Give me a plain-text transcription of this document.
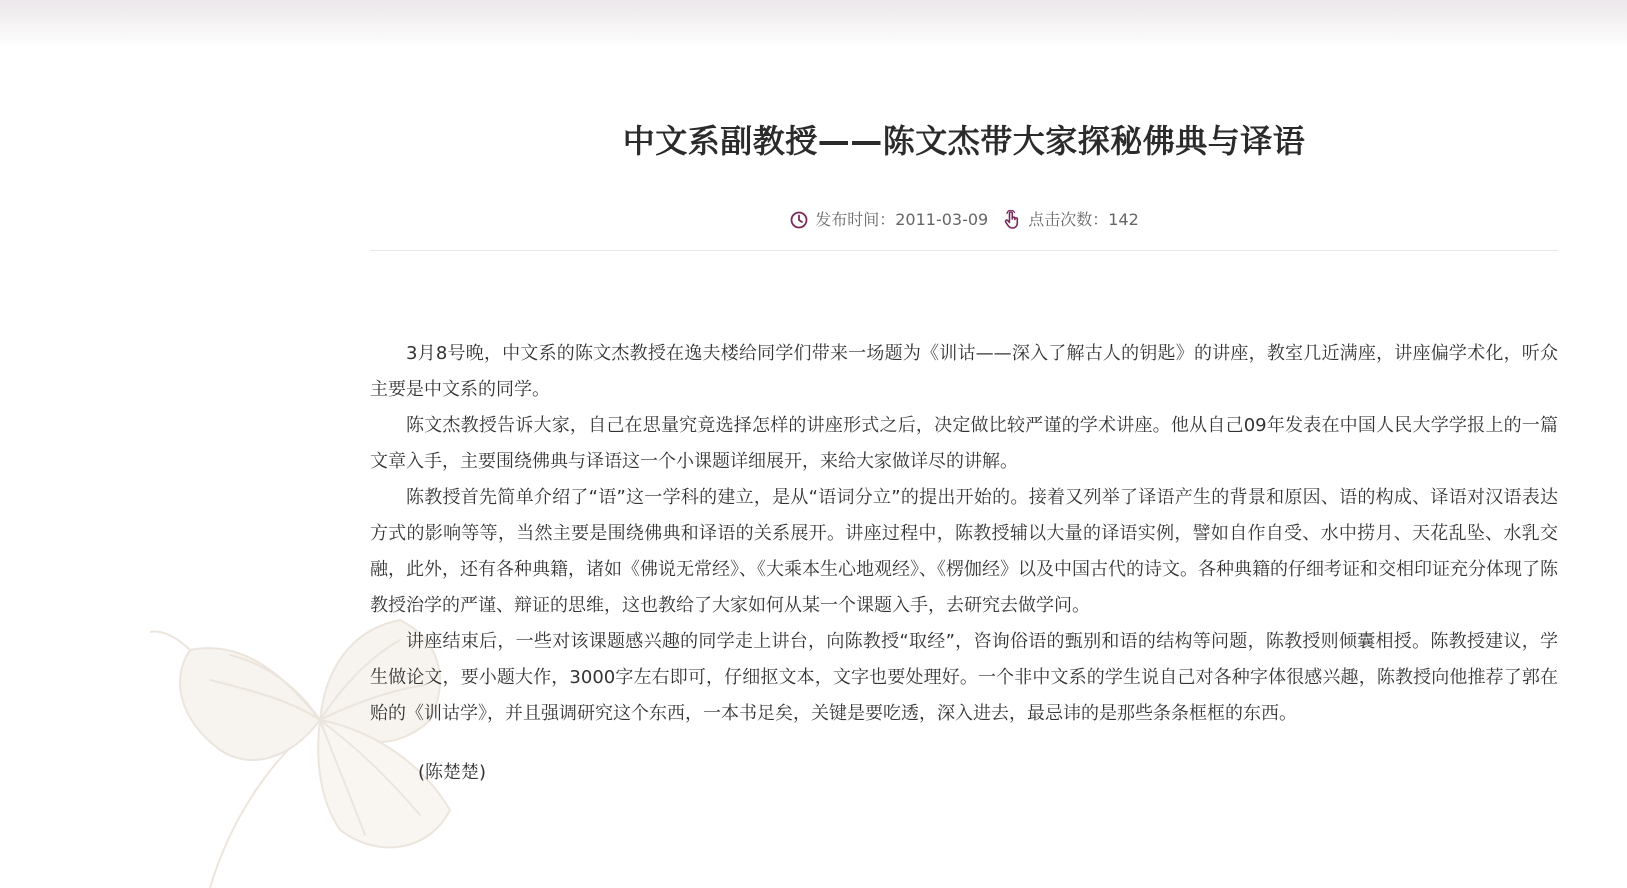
中文系副教授——陈文杰带大家探秘佛典与译语
发布时间： 2011-03-09	点击次数： 142

3月8号晚，中文系的陈文杰教授在逸夫楼给同学们带来一场题为《训诂——深入了解古人的钥匙》的讲座，教室几近满座，讲座偏学术化，听众主要是中文系的同学。

陈文杰教授告诉大家，自己在思量究竟选择怎样的讲座形式之后，决定做比较严谨的学术讲座。他从自己09年发表在中国人民大学学报上的一篇文章入手，主要围绕佛典与译语这一个小课题详细展开，来给大家做详尽的讲解。

陈教授首先简单介绍了“语”这一学科的建立，是从“语词分立”的提出开始的。接着又列举了译语产生的背景和原因、语的构成、译语对汉语表达方式的影响等等，当然主要是围绕佛典和译语的关系展开。讲座过程中，陈教授辅以大量的译语实例，譬如自作自受、水中捞月、天花乱坠、水乳交融，此外，还有各种典籍，诸如《佛说无常经》、《大乘本生心地观经》、《楞伽经》以及中国古代的诗文。各种典籍的仔细考证和交相印证充分体现了陈教授治学的严谨、辩证的思维，这也教给了大家如何从某一个课题入手，去研究去做学问。

讲座结束后，一些对该课题感兴趣的同学走上讲台，向陈教授“取经”，咨询俗语的甄别和语的结构等问题，陈教授则倾囊相授。陈教授建议，学生做论文，要小题大作，3000字左右即可，仔细抠文本，文字也要处理好。一个非中文系的学生说自己对各种字体很感兴趣，陈教授向他推荐了郭在贻的《训诂学》，并且强调研究这个东西，一本书足矣，关键是要吃透，深入进去，最忌讳的是那些条条框框的东西。

(陈楚楚)
